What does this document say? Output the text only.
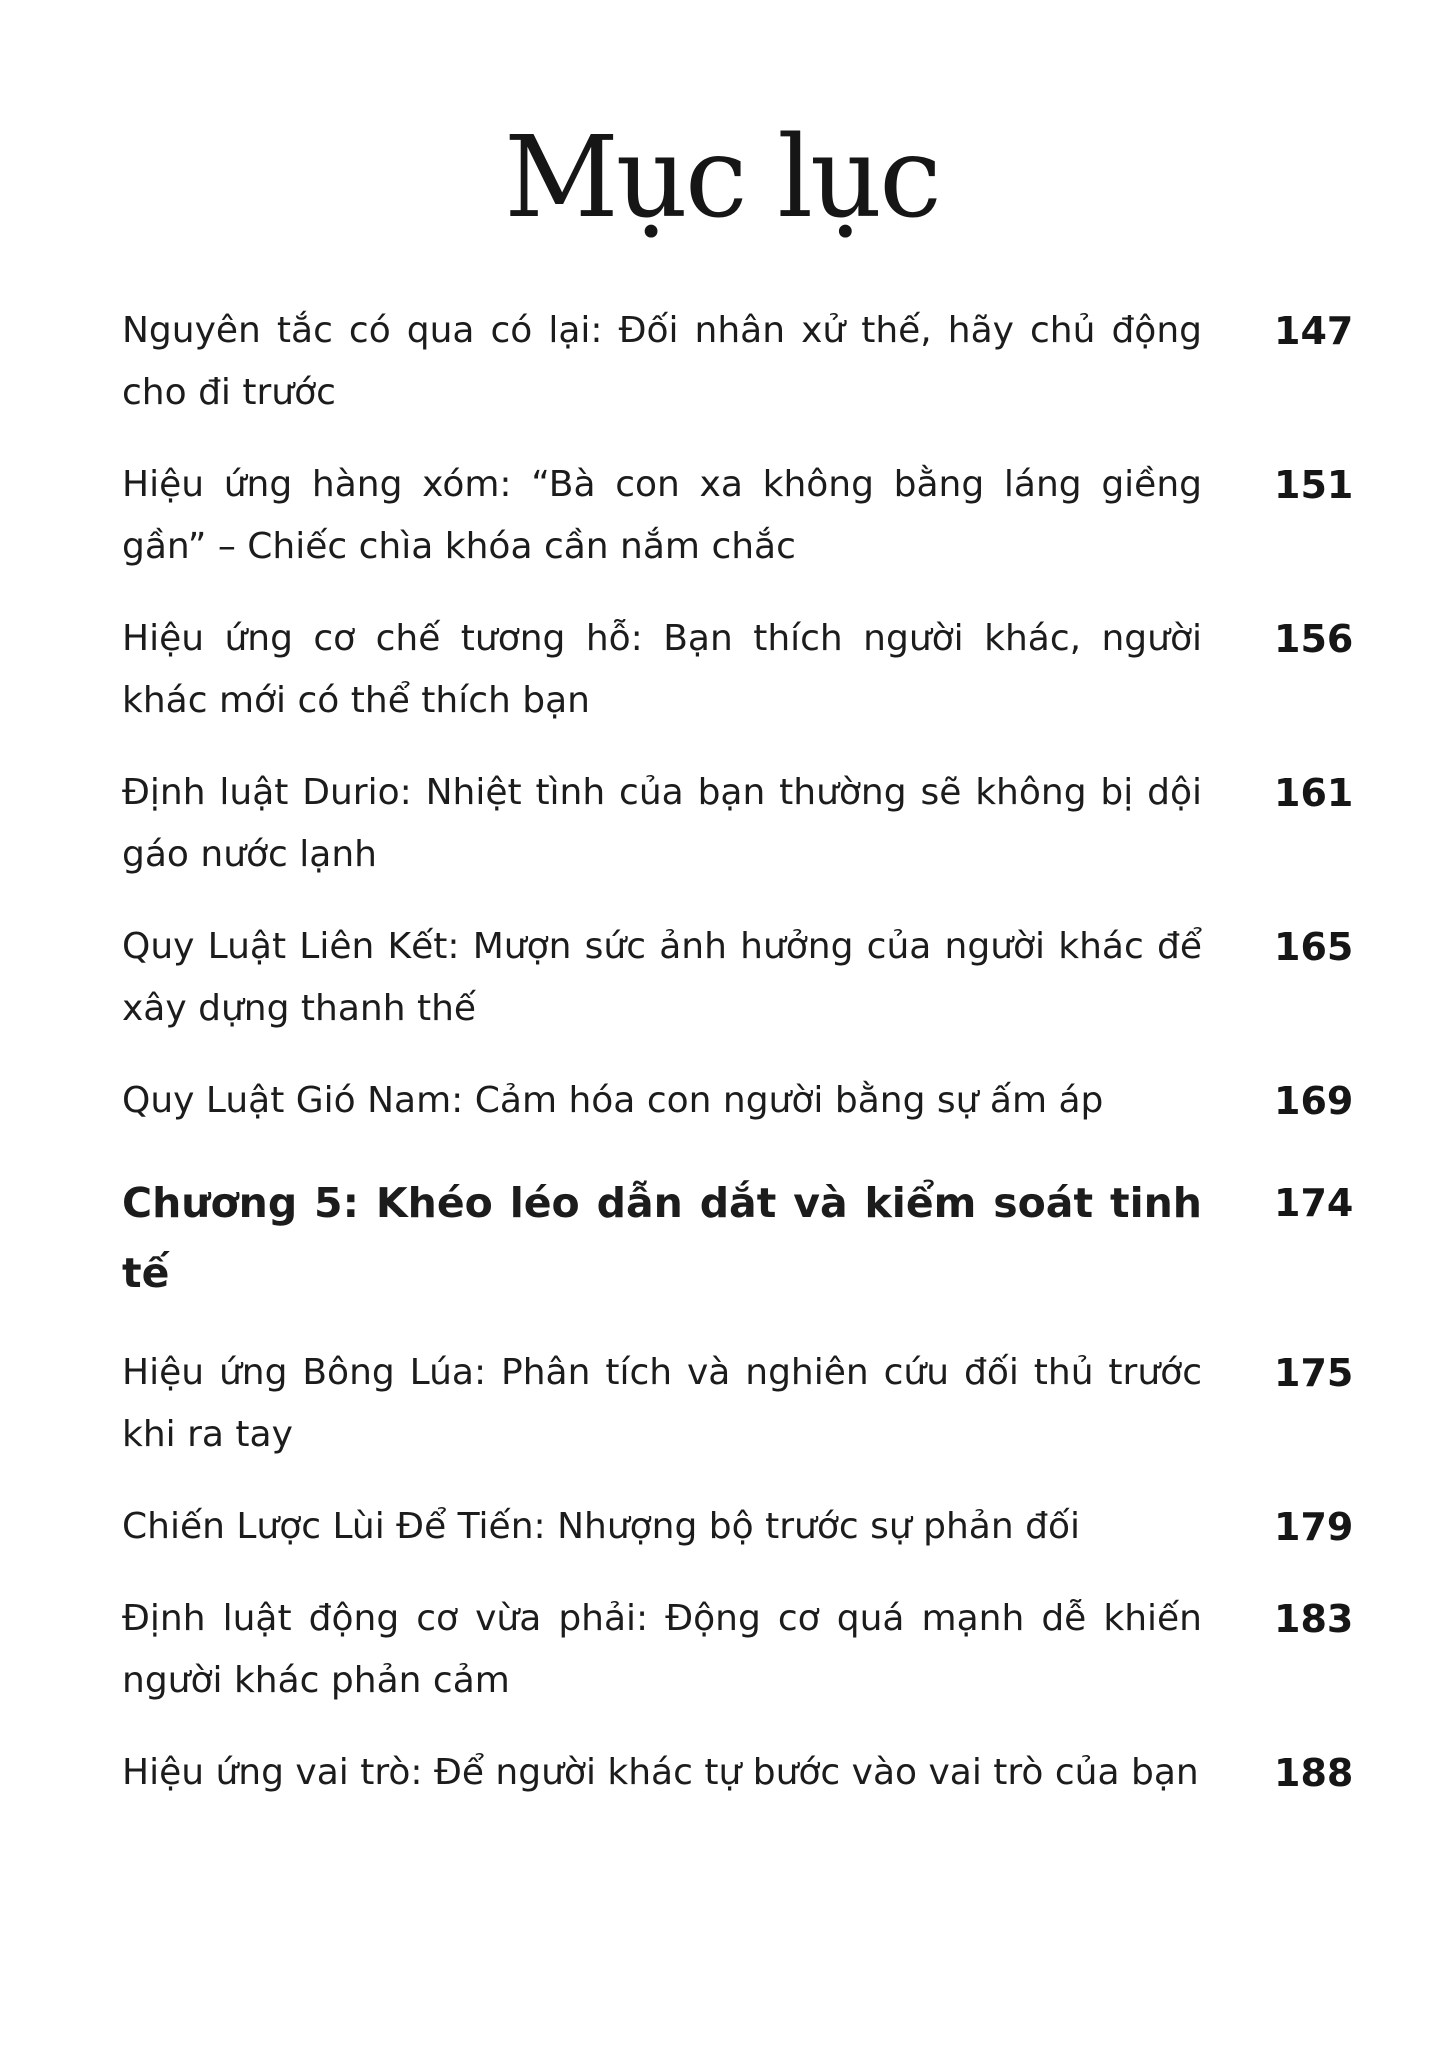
Mục lục
Nguyên tắc có qua có lại: Đối nhân xử thế, hãy chủ động cho đi trước
147
Hiệu ứng hàng xóm: “Bà con xa không bằng láng giềng gần” – Chiếc chìa khóa cần nắm chắc
151
Hiệu ứng cơ chế tương hỗ: Bạn thích người khác, người khác mới có thể thích bạn
156
Định luật Durio: Nhiệt tình của bạn thường sẽ không bị dội gáo nước lạnh
161
Quy Luật Liên Kết: Mượn sức ảnh hưởng của người khác để xây dựng thanh thế
165
Quy Luật Gió Nam: Cảm hóa con người bằng sự ấm áp	169
Chương 5: Khéo léo dẫn dắt và kiểm soát tinh tế
174
Hiệu ứng Bông Lúa: Phân tích và nghiên cứu đối thủ trước khi ra tay
175
Chiến Lược Lùi Để Tiến: Nhượng bộ trước sự phản đối	179
Định luật động cơ vừa phải: Động cơ quá mạnh dễ khiến người khác phản cảm
183
Hiệu ứng vai trò: Để người khác tự bước vào vai trò của bạn 188
